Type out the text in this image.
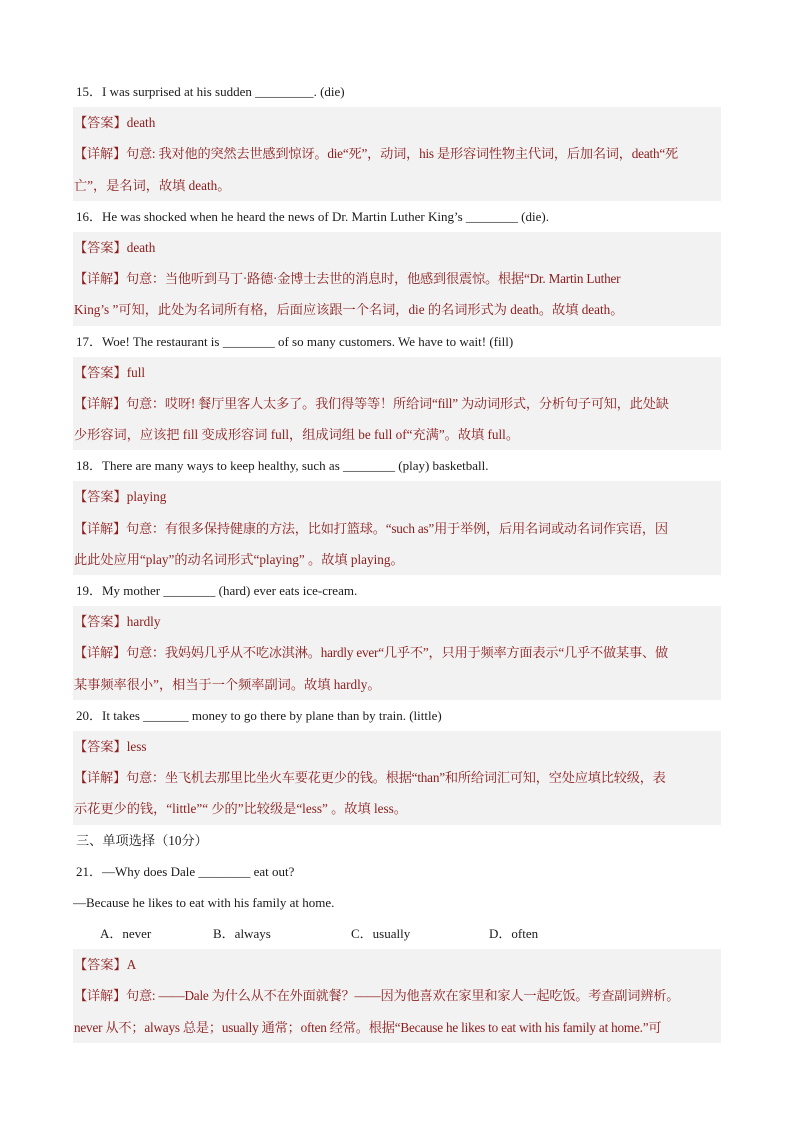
15．I was surprised at his sudden _________. (die)
【答案】death
【详解】句意: 我对他的突然去世感到惊讶。die“死”，动词，his 是形容词性物主代词，后加名词，death“死
亡”，是名词，故填 death。
16．He was shocked when he heard the news of Dr. Martin Luther King’s ________ (die).
【答案】death
【详解】句意：当他听到马丁·路德·金博士去世的消息时，他感到很震惊。根据“Dr. Martin Luther
King’s ”可知，此处为名词所有格，后面应该跟一个名词，die 的名词形式为 death。故填 death。
17．Woe! The restaurant is ________ of so many customers. We have to wait! (fill)
【答案】full
【详解】句意：哎呀! 餐厅里客人太多了。我们得等等！所给词“fill” 为动词形式，分析句子可知，此处缺
少形容词，应该把 fill 变成形容词 full，组成词组 be full of“充满”。故填 full。
18．There are many ways to keep healthy, such as ________ (play) basketball.
【答案】playing
【详解】句意：有很多保持健康的方法，比如打篮球。“such as”用于举例，后用名词或动名词作宾语，因
此此处应用“play”的动名词形式“playing” 。故填 playing。
19．My mother ________ (hard) ever eats ice-cream.
【答案】hardly
【详解】句意：我妈妈几乎从不吃冰淇淋。hardly ever“几乎不”，只用于频率方面表示“几乎不做某事、做
某事频率很小”，相当于一个频率副词。故填 hardly。
20．It takes _______ money to go there by plane than by train. (little)
【答案】less
【详解】句意：坐飞机去那里比坐火车要花更少的钱。根据“than”和所给词汇可知，空处应填比较级，表
示花更少的钱，“little”“ 少的”比较级是“less” 。故填 less。
三、单项选择（10分）
21．—Why does Dale ________ eat out?
—Because he likes to eat with his family at home.
A．never	B．always	C．usually	D．often
【答案】A
【详解】句意: ——Dale 为什么从不在外面就餐？——因为他喜欢在家里和家人一起吃饭。考查副词辨析。
never 从不；always 总是；usually 通常；often 经常。根据“Because he likes to eat with his family at home.”可
